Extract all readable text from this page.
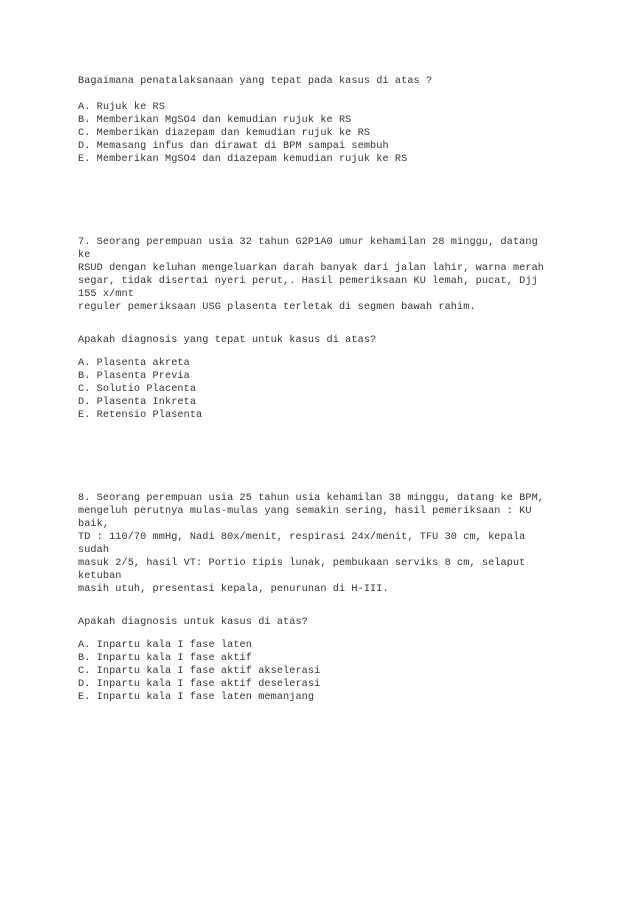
Bagaimana penatalaksanaan yang tepat pada kasus di atas ?
A. Rujuk ke RS
B. Memberikan MgSO4 dan kemudian rujuk ke RS
C. Memberikan diazepam dan kemudian rujuk ke RS
D. Memasang infus dan dirawat di BPM sampai sembuh
E. Memberikan MgSO4 dan diazepam kemudian rujuk ke RS
7. Seorang perempuan usia 32 tahun G2P1A0 umur kehamilan 28 minggu, datang
ke
RSUD dengan keluhan mengeluarkan darah banyak dari jalan lahir, warna merah
segar, tidak disertai nyeri perut,. Hasil pemeriksaan KU lemah, pucat, Djj
155 x/mnt
reguler pemeriksaan USG plasenta terletak di segmen bawah rahim.
Apakah diagnosis yang tepat untuk kasus di atas?
A. Plasenta akreta
B. Plasenta Previa
C. Solutio Placenta
D. Plasenta Inkreta
E. Retensio Plasenta
8. Seorang perempuan usia 25 tahun usia kehamilan 38 minggu, datang ke BPM,
mengeluh perutnya mulas-mulas yang semakin sering, hasil pemeriksaan : KU
baik,
TD : 110/70 mmHg, Nadi 80x/menit, respirasi 24x/menit, TFU 30 cm, kepala
sudah
masuk 2/5, hasil VT: Portio tipis lunak, pembukaan serviks 8 cm, selaput
ketuban
masih utuh, presentasi kepala, penurunan di H-III.
Apakah diagnosis untuk kasus di atas?
A. Inpartu kala I fase laten
B. Inpartu kala I fase aktif
C. Inpartu kala I fase aktif akselerasi
D. Inpartu kala I fase aktif deselerasi
E. Inpartu kala I fase laten memanjang
